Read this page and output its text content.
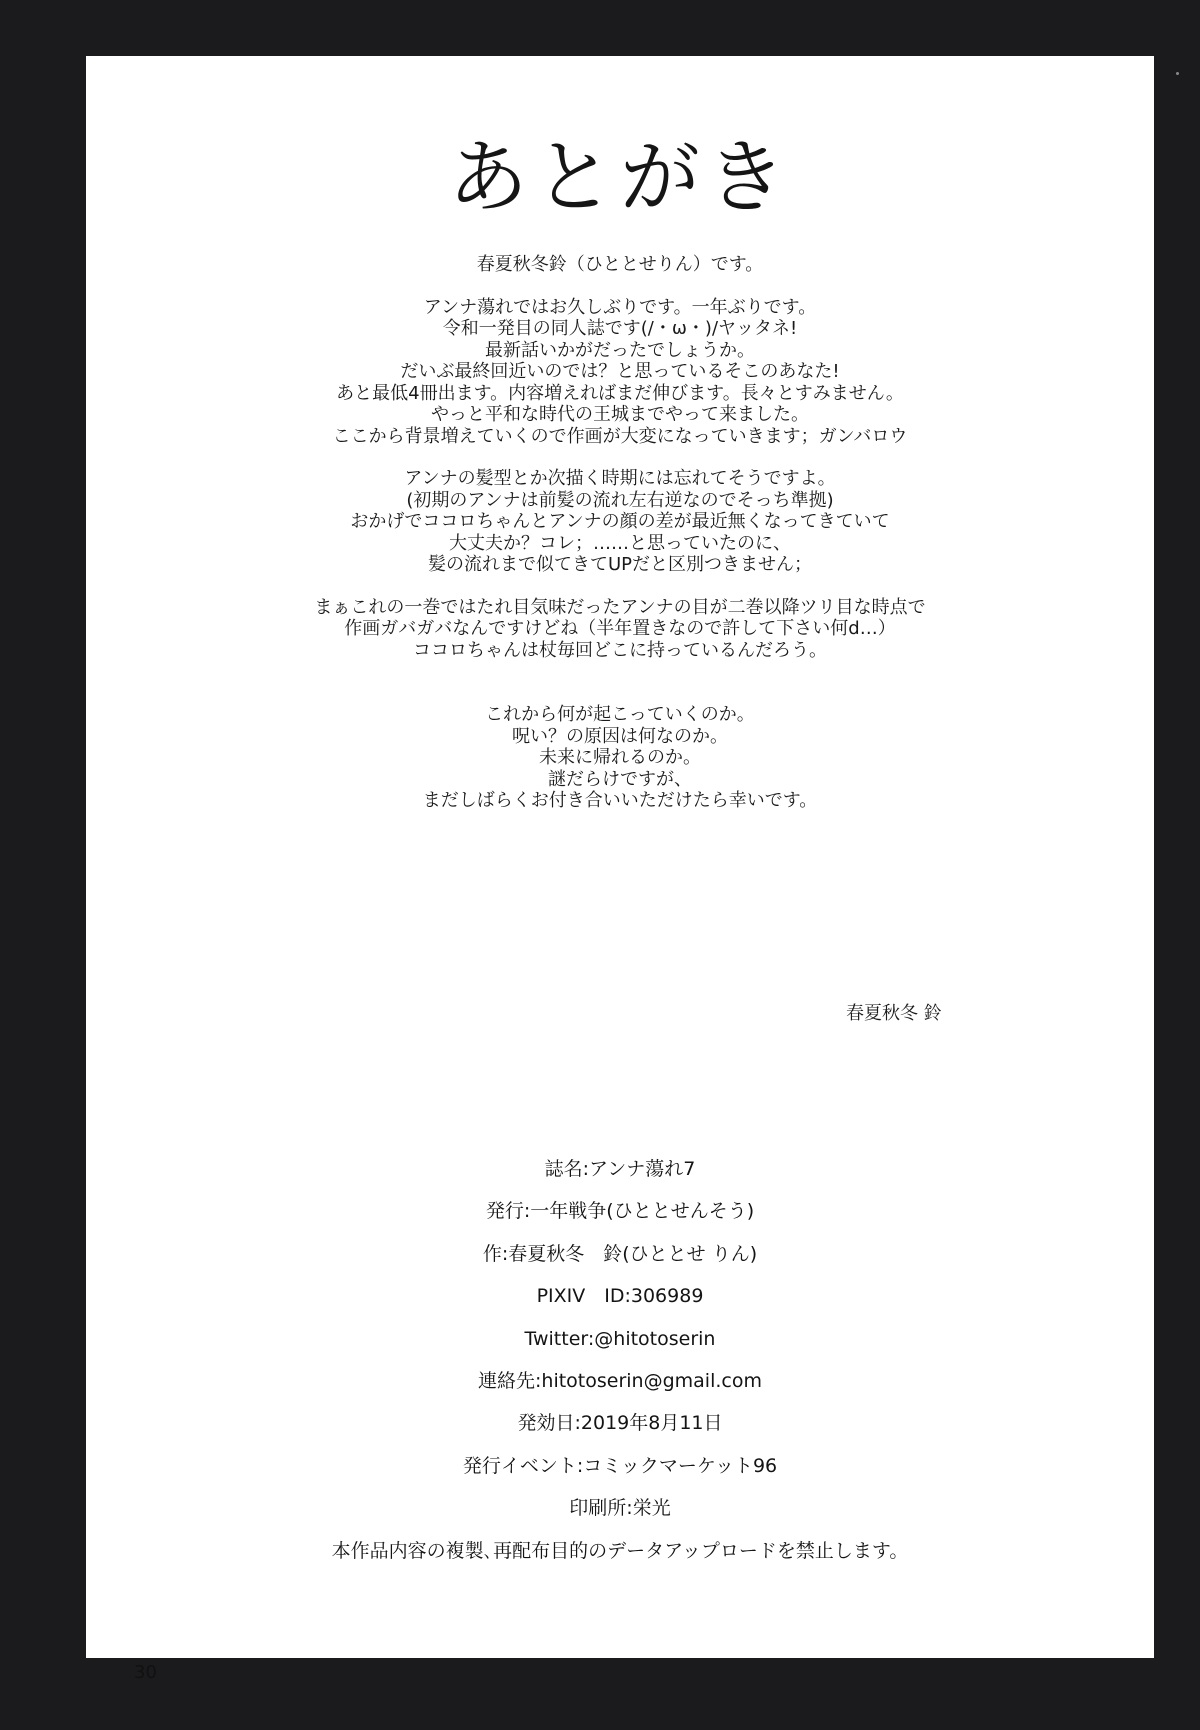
あとがき
春夏秋冬鈴（ひととせりん）です。
アンナ蕩れではお久しぶりです。一年ぶりです。
令和一発目の同人誌です(/・ω・)/ヤッタネ!
最新話いかがだったでしょうか。
だいぶ最終回近いのでは？と思っているそこのあなた!
あと最低4冊出ます。内容増えればまだ伸びます。長々とすみません。
やっと平和な時代の王城までやって来ました。
ここから背景増えていくので作画が大変になっていきます；ガンバロウ
アンナの髪型とか次描く時期には忘れてそうですよ。
(初期のアンナは前髪の流れ左右逆なのでそっち準拠)
おかげでココロちゃんとアンナの顔の差が最近無くなってきていて
大丈夫か？コレ；……と思っていたのに、
髪の流れまで似てきてUPだと区別つきません；
まぁこれの一巻ではたれ目気味だったアンナの目が二巻以降ツリ目な時点で
作画ガバガバなんですけどね（半年置きなので許して下さい何d…）
ココロちゃんは杖毎回どこに持っているんだろう。
これから何が起こっていくのか。
呪い？の原因は何なのか。
未来に帰れるのか。
謎だらけですが、
まだしばらくお付き合いいただけたら幸いです。
春夏秋冬 鈴
誌名:アンナ蕩れ7
発行:一年戦争(ひととせんそう)
作:春夏秋冬　鈴(ひととせ りん)
PIXIV　ID:306989
Twitter:@hitotoserin
連絡先:hitotoserin@gmail.com
発効日:2019年8月11日
発行イベント:コミックマーケット96
印刷所:栄光
本作品内容の複製､再配布目的のデータアップロードを禁止します。
30
